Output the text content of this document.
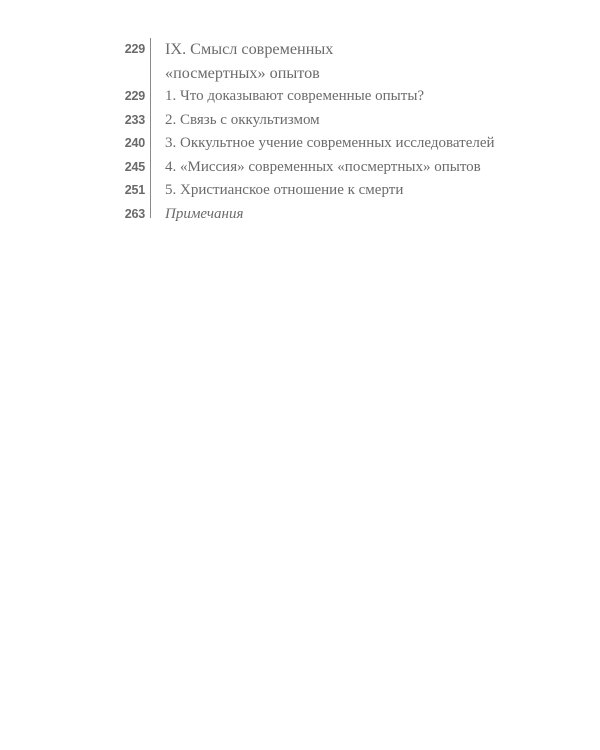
229 IX. Смысл современных
«посмертных» опытов
229 1. Что доказывают современные опыты?
233 2. Связь с оккультизмом
240 3. Оккультное учение современных исследователей
245 4. «Миссия» современных «посмертных» опытов
251 5. Христианское отношение к смерти
263 Примечания
